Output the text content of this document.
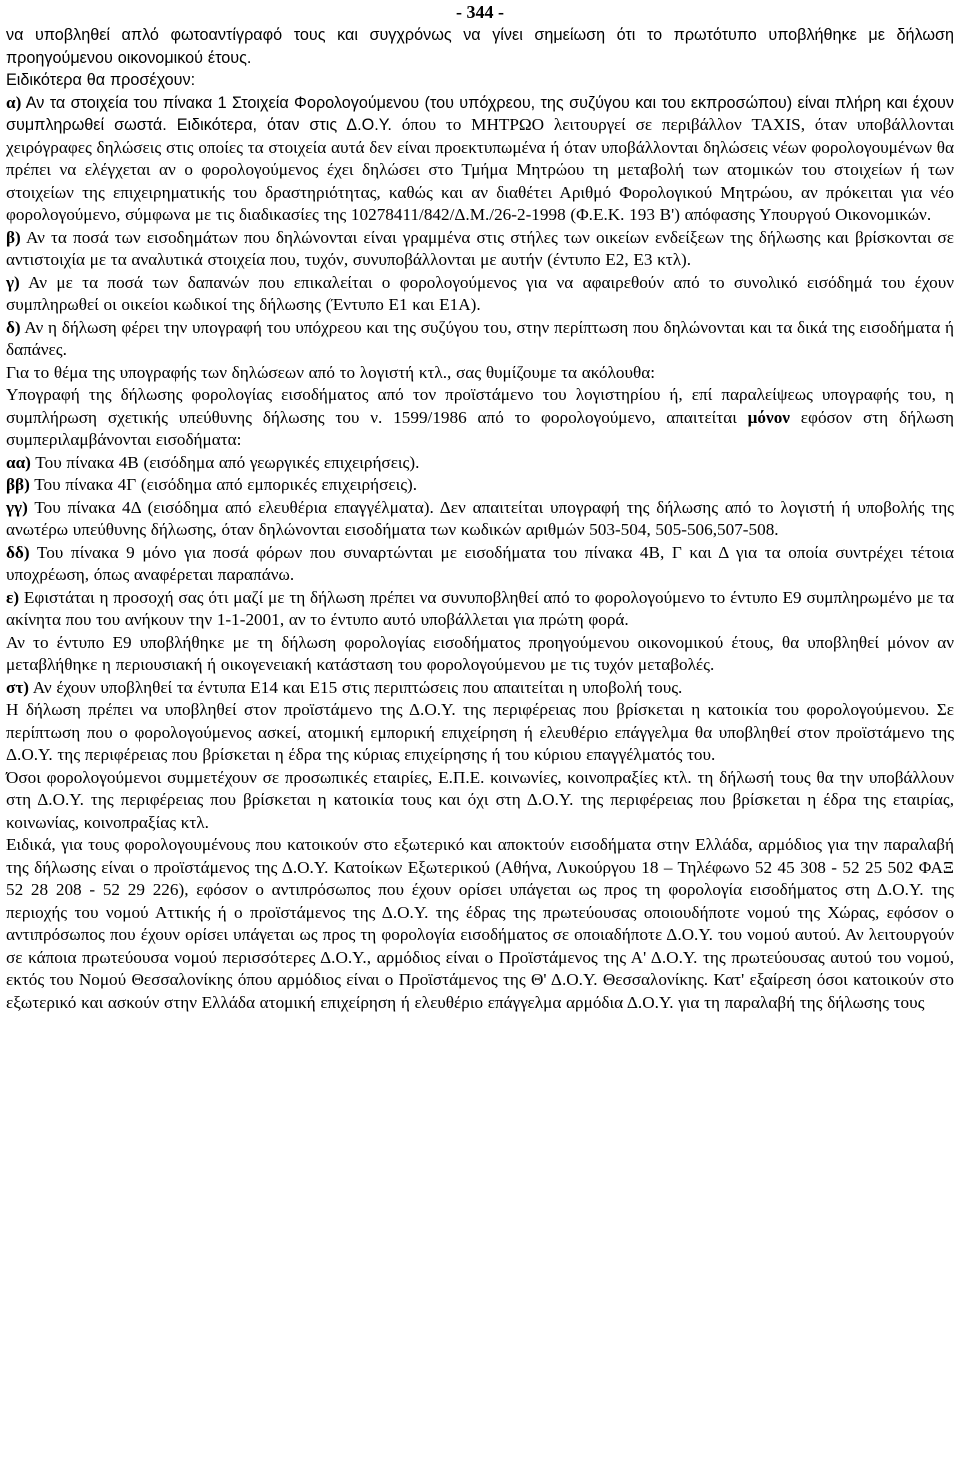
- 344 -

να υποβληθεί απλό φωτοαντίγραφό τους και συγχρόνως να γίνει σημείωση ότι το πρωτότυπο υποβλήθηκε με δήλωση προηγούμενου οικονομικού έτους.

Ειδικότερα θα προσέχουν:

α) Αν τα στοιχεία του πίνακα 1 Στοιχεία Φορολογούμενου (του υπόχρεου, της συζύγου και του εκπροσώπου) είναι πλήρη και έχουν συμπληρωθεί σωστά. Ειδικότερα, όταν στις Δ.Ο.Υ. όπου το ΜΗΤΡΩΟ λειτουργεί σε περιβάλλον TAXIS, όταν υποβάλλονται χειρόγραφες δηλώσεις στις οποίες τα στοιχεία αυτά δεν είναι προεκτυπωμένα ή όταν υποβάλλονται δηλώσεις νέων φορολογουμένων θα πρέπει να ελέγχεται αν ο φορολογούμενος έχει δηλώσει στο Τμήμα Μητρώου τη μεταβολή των ατομικών του στοιχείων ή των στοιχείων της επιχειρηματικής του δραστηριότητας, καθώς και αν διαθέτει Αριθμό Φορολογικού Μητρώου, αν πρόκειται για νέο φορολογούμενο, σύμφωνα με τις διαδικασίες της 10278411/842/Δ.Μ./26-2-1998 (Φ.Ε.Κ. 193 Β') απόφασης Υπουργού Οικονομικών.

β) Αν τα ποσά των εισοδημάτων που δηλώνονται είναι γραμμένα στις στήλες των οικείων ενδείξεων της δήλωσης και βρίσκονται σε αντιστοιχία με τα αναλυτικά στοιχεία που, τυχόν, συνυποβάλλονται με αυτήν (έντυπο Ε2, Ε3 κτλ).

γ) Αν με τα ποσά των δαπανών που επικαλείται ο φορολογούμενος για να αφαιρεθούν από το συνολικό εισόδημά του έχουν συμπληρωθεί οι οικείοι κωδικοί της δήλωσης (Έντυπο Ε1 και Ε1Α).

δ) Αν η δήλωση φέρει την υπογραφή του υπόχρεου και της συζύγου του, στην περίπτωση που δηλώνονται και τα δικά της εισοδήματα ή δαπάνες.

Για το θέμα της υπογραφής των δηλώσεων από το λογιστή κτλ., σας θυμίζουμε τα ακόλουθα:

Υπογραφή της δήλωσης φορολογίας εισοδήματος από τον προϊστάμενο του λογιστηρίου ή, επί παραλείψεως υπογραφής του, η συμπλήρωση σχετικής υπεύθυνης δήλωσης του ν. 1599/1986 από το φορολογούμενο, απαιτείται μόνον εφόσον στη δήλωση συμπεριλαμβάνονται εισοδήματα:

αα) Του πίνακα 4Β (εισόδημα από γεωργικές επιχειρήσεις).

ββ) Του πίνακα 4Γ (εισόδημα από εμπορικές επιχειρήσεις).

γγ) Του πίνακα 4Δ (εισόδημα από ελευθέρια επαγγέλματα). Δεν απαιτείται υπογραφή της δήλωσης από το λογιστή ή υποβολής της ανωτέρω υπεύθυνης δήλωσης, όταν δηλώνονται εισοδήματα των κωδικών αριθμών 503-504, 505-506,507-508.

δδ) Του πίνακα 9 μόνο για ποσά φόρων που συναρτώνται με εισοδήματα του πίνακα 4Β, Γ και Δ για τα οποία συντρέχει τέτοια υποχρέωση, όπως αναφέρεται παραπάνω.

ε) Εφιστάται η προσοχή σας ότι μαζί με τη δήλωση πρέπει να συνυποβληθεί από το φορολογούμενο το έντυπο Ε9 συμπληρωμένο με τα ακίνητα που του ανήκουν την 1-1-2001, αν το έντυπο αυτό υποβάλλεται για πρώτη φορά.

Αν το έντυπο Ε9 υποβλήθηκε με τη δήλωση φορολογίας εισοδήματος προηγούμενου οικονομικού έτους, θα υποβληθεί μόνον αν μεταβλήθηκε η περιουσιακή ή οικογενειακή κατάσταση του φορολογούμενου με τις τυχόν μεταβολές.

στ) Αν έχουν υποβληθεί τα έντυπα Ε14 και Ε15 στις περιπτώσεις που απαιτείται η υποβολή τους.

Η δήλωση πρέπει να υποβληθεί στον προϊστάμενο της Δ.Ο.Υ. της περιφέρειας που βρίσκεται η κατοικία του φορολογούμενου. Σε περίπτωση που ο φορολογούμενος ασκεί, ατομική εμπορική επιχείρηση ή ελευθέριο επάγγελμα θα υποβληθεί στον προϊστάμενο της Δ.Ο.Υ. της περιφέρειας που βρίσκεται η έδρα της κύριας επιχείρησης ή του κύριου επαγγέλματός του.

Όσοι φορολογούμενοι συμμετέχουν σε προσωπικές εταιρίες, Ε.Π.Ε. κοινωνίες, κοινοπραξίες κτλ. τη δήλωσή τους θα την υποβάλλουν στη Δ.Ο.Υ. της περιφέρειας που βρίσκεται η κατοικία τους και όχι στη Δ.Ο.Υ. της περιφέρειας που βρίσκεται η έδρα της εταιρίας, κοινωνίας, κοινοπραξίας κτλ.

Ειδικά, για τους φορολογουμένους που κατοικούν στο εξωτερικό και αποκτούν εισοδήματα στην Ελλάδα, αρμόδιος για την παραλαβή της δήλωσης είναι ο προϊστάμενος της Δ.Ο.Υ. Κατοίκων Εξωτερικού (Αθήνα, Λυκούργου 18 – Τηλέφωνο 52 45 308 - 52 25 502 ΦΑΞ 52 28 208 - 52 29 226), εφόσον ο αντιπρόσωπος που έχουν ορίσει υπάγεται ως προς τη φορολογία εισοδήματος στη Δ.Ο.Υ. της περιοχής του νομού Αττικής ή ο προϊστάμενος της Δ.Ο.Υ. της έδρας της πρωτεύουσας οποιουδήποτε νομού της Χώρας, εφόσον ο αντιπρόσωπος που έχουν ορίσει υπάγεται ως προς τη φορολογία εισοδήματος σε οποιαδήποτε Δ.Ο.Υ. του νομού αυτού. Αν λειτουργούν σε κάποια πρωτεύουσα νομού περισσότερες Δ.Ο.Υ., αρμόδιος είναι ο Προϊστάμενος της Α' Δ.Ο.Υ. της πρωτεύουσας αυτού του νομού, εκτός του Νομού Θεσσαλονίκης όπου αρμόδιος είναι ο Προϊστάμενος της Θ' Δ.Ο.Υ. Θεσσαλονίκης. Κατ' εξαίρεση όσοι κατοικούν στο εξωτερικό και ασκούν στην Ελλάδα ατομική επιχείρηση ή ελευθέριο επάγγελμα αρμόδια Δ.Ο.Υ. για τη παραλαβή της δήλωσης τους
